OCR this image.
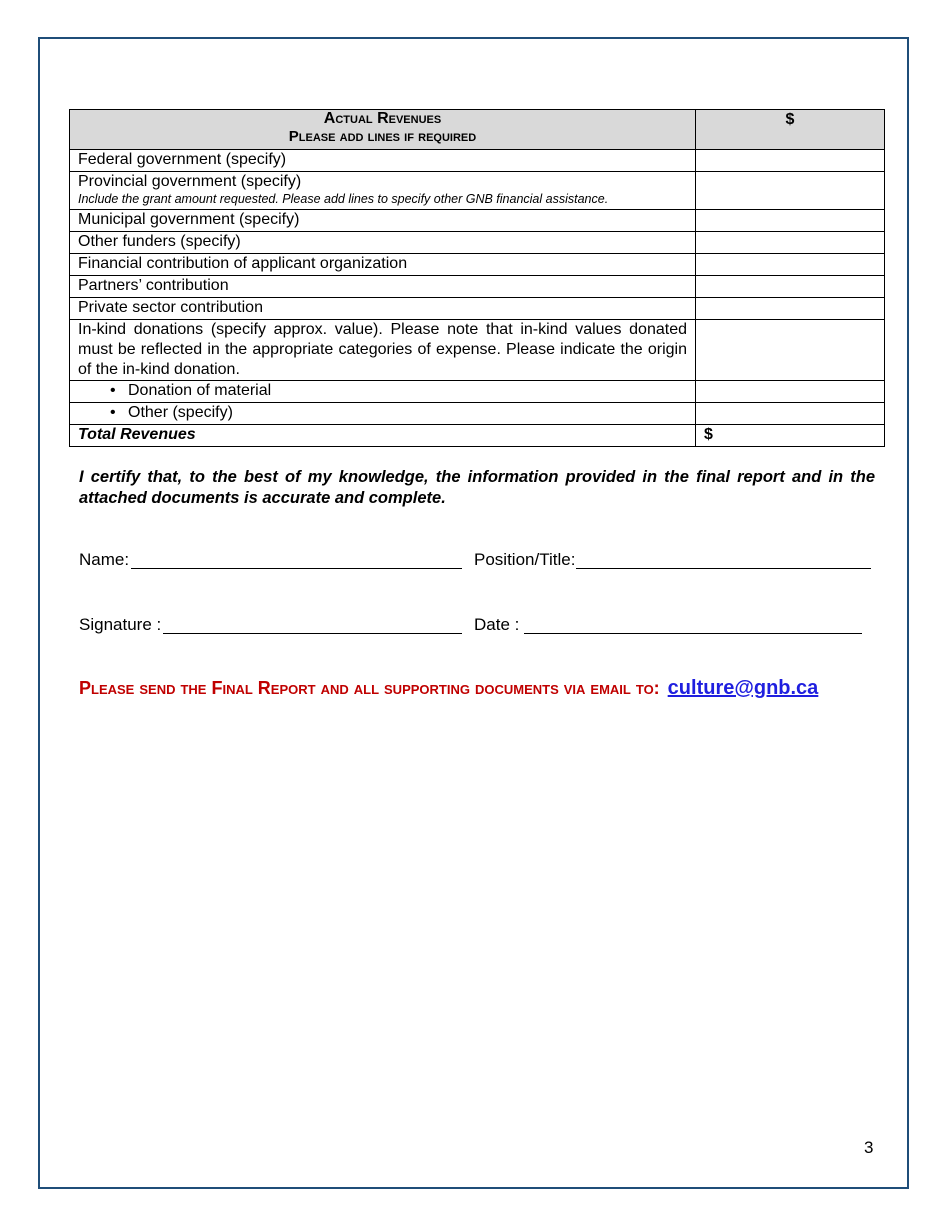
Actual Revenues
Please add lines if required	$
Federal government (specify)	

Provincial government (specify)
Include the grant amount requested. Please add lines to specify other GNB financial assistance.	

Municipal government (specify)	
Other funders (specify)	
Financial contribution of applicant organization	
Partners’ contribution	
Private sector contribution	
In-kind donations (specify approx. value). Please note that in-kind values donated must be reflected in the appropriate categories of expense. Please indicate the origin of the in-kind donation.	
• Donation of material	
• Other (specify)	
Total Revenues	$
I certify that, to the best of my knowledge, the information provided in the final report and in the attached documents is accurate and complete.
Name:	Position/Title:
Signature :	Date :
Please send the Final Report and all supporting documents via email to: culture@gnb.ca
3
